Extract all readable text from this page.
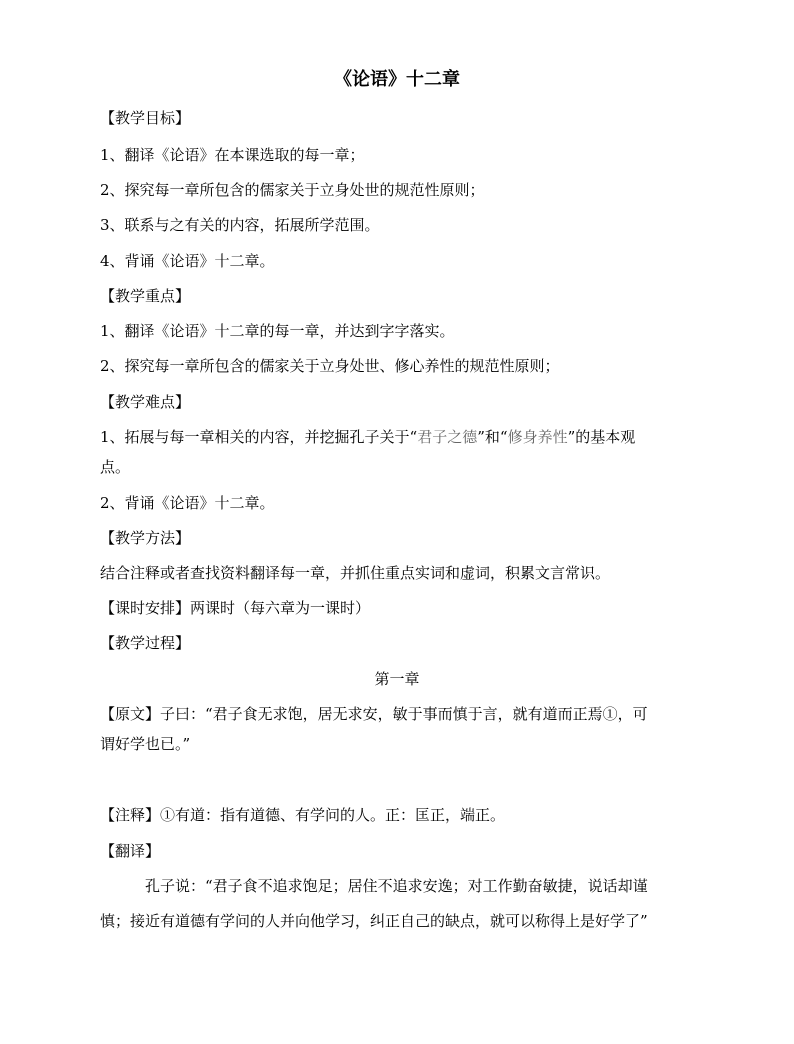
《论语》十二章
【教学目标】
1、翻译《论语》在本课选取的每一章；
2、探究每一章所包含的儒家关于立身处世的规范性原则；
3、联系与之有关的内容，拓展所学范围。
4、背诵《论语》十二章。
【教学重点】
1、翻译《论语》十二章的每一章，并达到字字落实。
2、探究每一章所包含的儒家关于立身处世、修心养性的规范性原则；
【教学难点】
1、拓展与每一章相关的内容，并挖掘孔子关于“君子之德”和“修身养性”的基本观
点。
2、背诵《论语》十二章。
【教学方法】
结合注释或者查找资料翻译每一章，并抓住重点实词和虚词，积累文言常识。
【课时安排】两课时（每六章为一课时）
【教学过程】
第一章
【原文】子曰：“君子食无求饱，居无求安，敏于事而慎于言，就有道而正焉①，可
谓好学也已。”
【注释】①有道：指有道德、有学问的人。正：匡正，端正。
【翻译】
孔子说：“君子食不追求饱足；居住不追求安逸；对工作勤奋敏捷，说话却谨
慎；接近有道德有学问的人并向他学习，纠正自己的缺点，就可以称得上是好学了”
